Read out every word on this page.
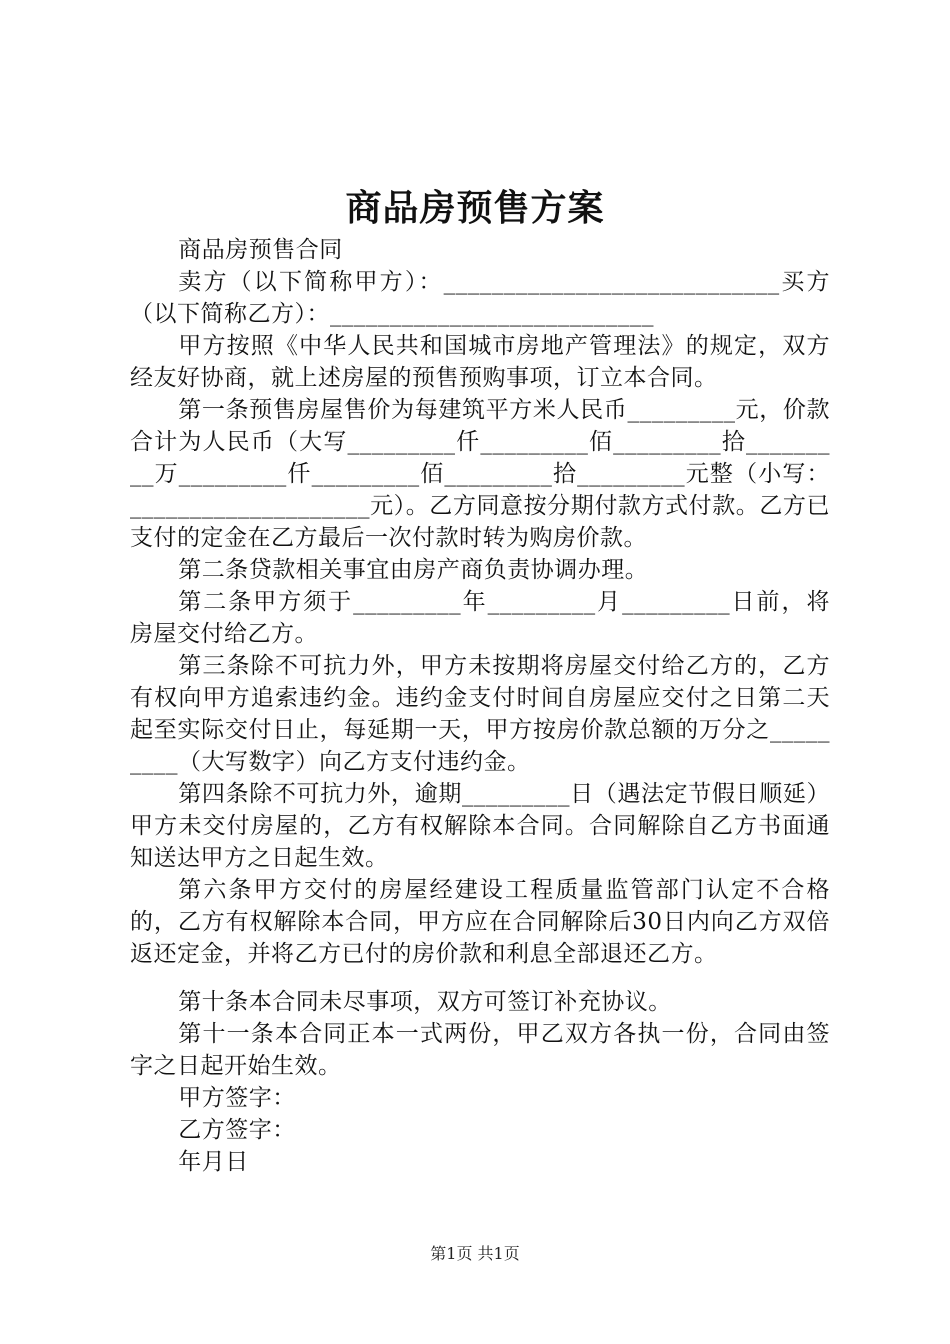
商品房预售方案

商品房预售合同

卖方（以下简称甲方）：____________________________买方（以下简称乙方）：___________________________

甲方按照《中华人民共和国城市房地产管理法》的规定，双方经友好协商，就上述房屋的预售预购事项，订立本合同。

第一条预售房屋售价为每建筑平方米人民币_________元，价款合计为人民币（大写_________仟_________佰_________拾_________万_________仟_________佰_________拾_________元整（小写：____________________元）。乙方同意按分期付款方式付款。乙方已支付的定金在乙方最后一次付款时转为购房价款。

第二条贷款相关事宜由房产商负责协调办理。

第二条甲方须于_________年_________月_________日前，将房屋交付给乙方。

第三条除不可抗力外，甲方未按期将房屋交付给乙方的，乙方有权向甲方追索违约金。违约金支付时间自房屋应交付之日第二天起至实际交付日止，每延期一天，甲方按房价款总额的万分之_________（大写数字）向乙方支付违约金。

第四条除不可抗力外，逾期_________日（遇法定节假日顺延）甲方未交付房屋的，乙方有权解除本合同。合同解除自乙方书面通知送达甲方之日起生效。

第六条甲方交付的房屋经建设工程质量监管部门认定不合格的，乙方有权解除本合同，甲方应在合同解除后30日内向乙方双倍返还定金，并将乙方已付的房价款和利息全部退还乙方。

第十条本合同未尽事项，双方可签订补充协议。

第十一条本合同正本一式两份，甲乙双方各执一份，合同由签字之日起开始生效。

甲方签字：

乙方签字：

年月日

第1页 共1页
